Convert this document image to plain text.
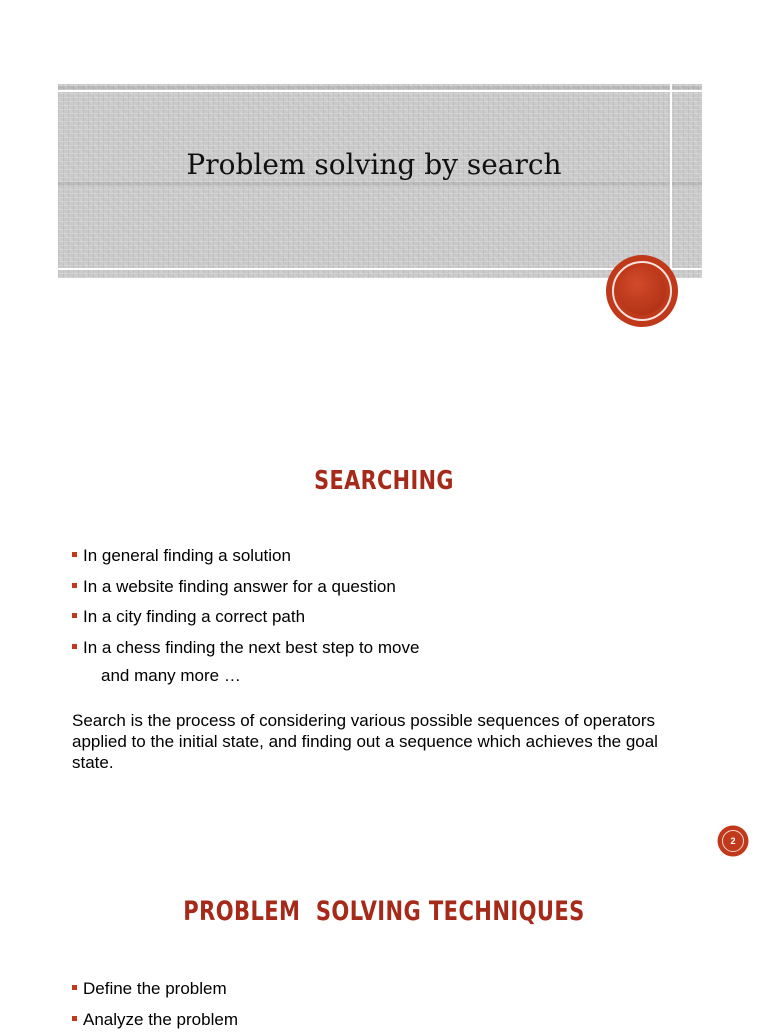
Problem solving by search
SEARCHING
In general finding a solution
In a website finding answer for a question
In a city finding a correct path
In a chess finding the next best step to move
and many more …

Search is the process of considering various possible sequences of operators applied to the initial state, and finding out a sequence which achieves the goal state.

2
PROBLEM  SOLVING TECHNIQUES
Define the problem
Analyze the problem
